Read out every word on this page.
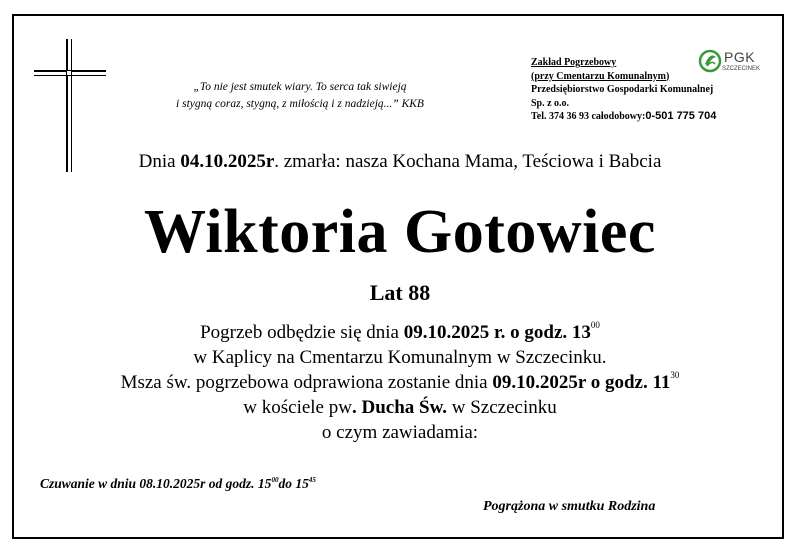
„To nie jest smutek wiary. To serca tak siwieją
i stygną coraz, stygną, z miłością i z nadzieją...” KKB
Zakład Pogrzebowy
(przy Cmentarzu Komunalnym)
Przedsiębiorstwo Gospodarki Komunalnej
Sp. z o.o.
Tel. 374 36 93 całodobowy:0-501 775 704
PGK
SZCZECINEK
Dnia 04.10.2025r. zmarła: nasza Kochana Mama, Teściowa i Babcia
Wiktoria Gotowiec
Lat 88
Pogrzeb odbędzie się dnia 09.10.2025 r. o godz. $13^{00}$
w Kaplicy na Cmentarzu Komunalnym w Szczecinku.
Msza św. pogrzebowa odprawiona zostanie dnia 09.10.2025r o godz. $11^{30}$
w kościele pw. Ducha Św. w Szczecinku
o czym zawiadamia:
Czuwanie w dniu 08.10.2025r od godz. $15^{00}do$ $15^{45}$
Pogrążona w smutku Rodzina
